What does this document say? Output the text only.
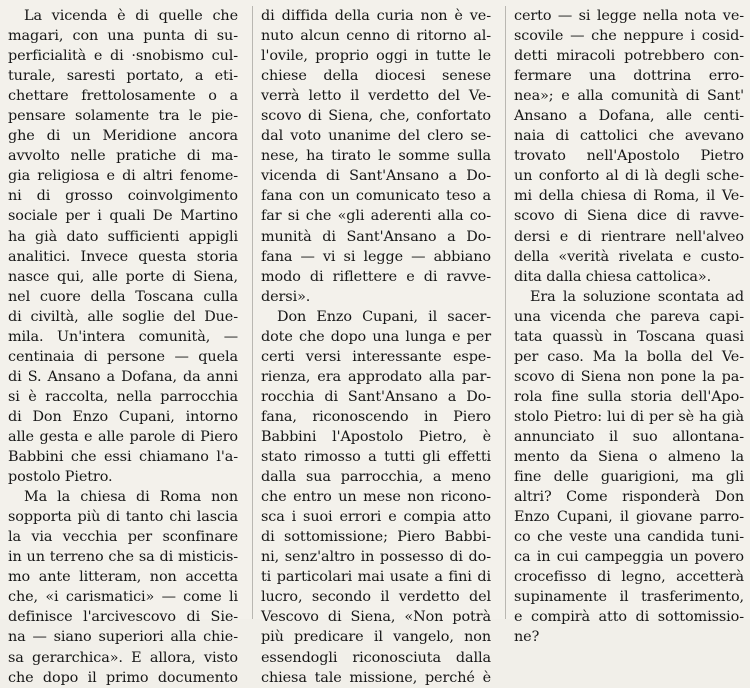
La vicenda è di quelle che
magari, con una punta di su-
perficialità e di ·snobismo cul-
turale, saresti portato, a eti-
chettare frettolosamente o a
pensare solamente tra le pie-
ghe di un Meridione ancora
avvolto nelle pratiche di ma-
gia religiosa e di altri fenome-
ni di grosso coinvolgimento
sociale per i quali De Martino
ha già dato sufficienti appigli
analitici. Invece questa storia
nasce qui, alle porte di Siena,
nel cuore della Toscana culla
di civiltà, alle soglie del Due-
mila. Un'intera comunità, —
centinaia di persone — quela
di S. Ansano a Dofana, da anni
si è raccolta, nella parrocchia
di Don Enzo Cupani, intorno
alle gesta e alle parole di Piero
Babbini che essi chiamano l'a-
postolo Pietro.
Ma la chiesa di Roma non
sopporta più di tanto chi lascia
la via vecchia per sconfinare
in un terreno che sa di misticis-
mo ante litteram, non accetta
che, «i carismatici» — come li
definisce l'arcivescovo di Sie-
na — siano superiori alla chie-
sa gerarchica». E allora, visto
che dopo il primo documento
di diffida della curia non è ve-
nuto alcun cenno di ritorno al-
l'ovile, proprio oggi in tutte le
chiese della diocesi senese
verrà letto il verdetto del Ve-
scovo di Siena, che, confortato
dal voto unanime del clero se-
nese, ha tirato le somme sulla
vicenda di Sant'Ansano a Do-
fana con un comunicato teso a
far si che «gli aderenti alla co-
munità di Sant'Ansano a Do-
fana — vi si legge — abbiano
modo di riflettere e di ravve-
dersi».
Don Enzo Cupani, il sacer-
dote che dopo una lunga e per
certi versi interessante espe-
rienza, era approdato alla par-
rocchia di Sant'Ansano a Do-
fana, riconoscendo in Piero
Babbini l'Apostolo Pietro, è
stato rimosso a tutti gli effetti
dalla sua parrocchia, a meno
che entro un mese non ricono-
sca i suoi errori e compia atto
di sottomissione; Piero Babbi-
ni, senz'altro in possesso di do-
ti particolari mai usate a fini di
lucro, secondo il verdetto del
Vescovo di Siena, «Non potrà
più predicare il vangelo, non
essendogli riconosciuta dalla
chiesa tale missione, perché è
certo — si legge nella nota ve-
scovile — che neppure i cosid-
detti miracoli potrebbero con-
fermare una dottrina erro-
nea»; e alla comunità di Sant'
Ansano a Dofana, alle centi-
naia di cattolici che avevano
trovato nell'Apostolo Pietro
un conforto al di là degli sche-
mi della chiesa di Roma, il Ve-
scovo di Siena dice di ravve-
dersi e di rientrare nell'alveo
della «verità rivelata e custo-
dita dalla chiesa cattolica».
Era la soluzione scontata ad
una vicenda che pareva capi-
tata quassù in Toscana quasi
per caso. Ma la bolla del Ve-
scovo di Siena non pone la pa-
rola fine sulla storia dell'Apo-
stolo Pietro: lui di per sè ha già
annunciato il suo allontana-
mento da Siena o almeno la
fine delle guarigioni, ma gli
altri? Come risponderà Don
Enzo Cupani, il giovane parro-
co che veste una candida tuni-
ca in cui campeggia un povero
crocefisso di legno, accetterà
supinamente il trasferimento,
e compirà atto di sottomissio-
ne?
